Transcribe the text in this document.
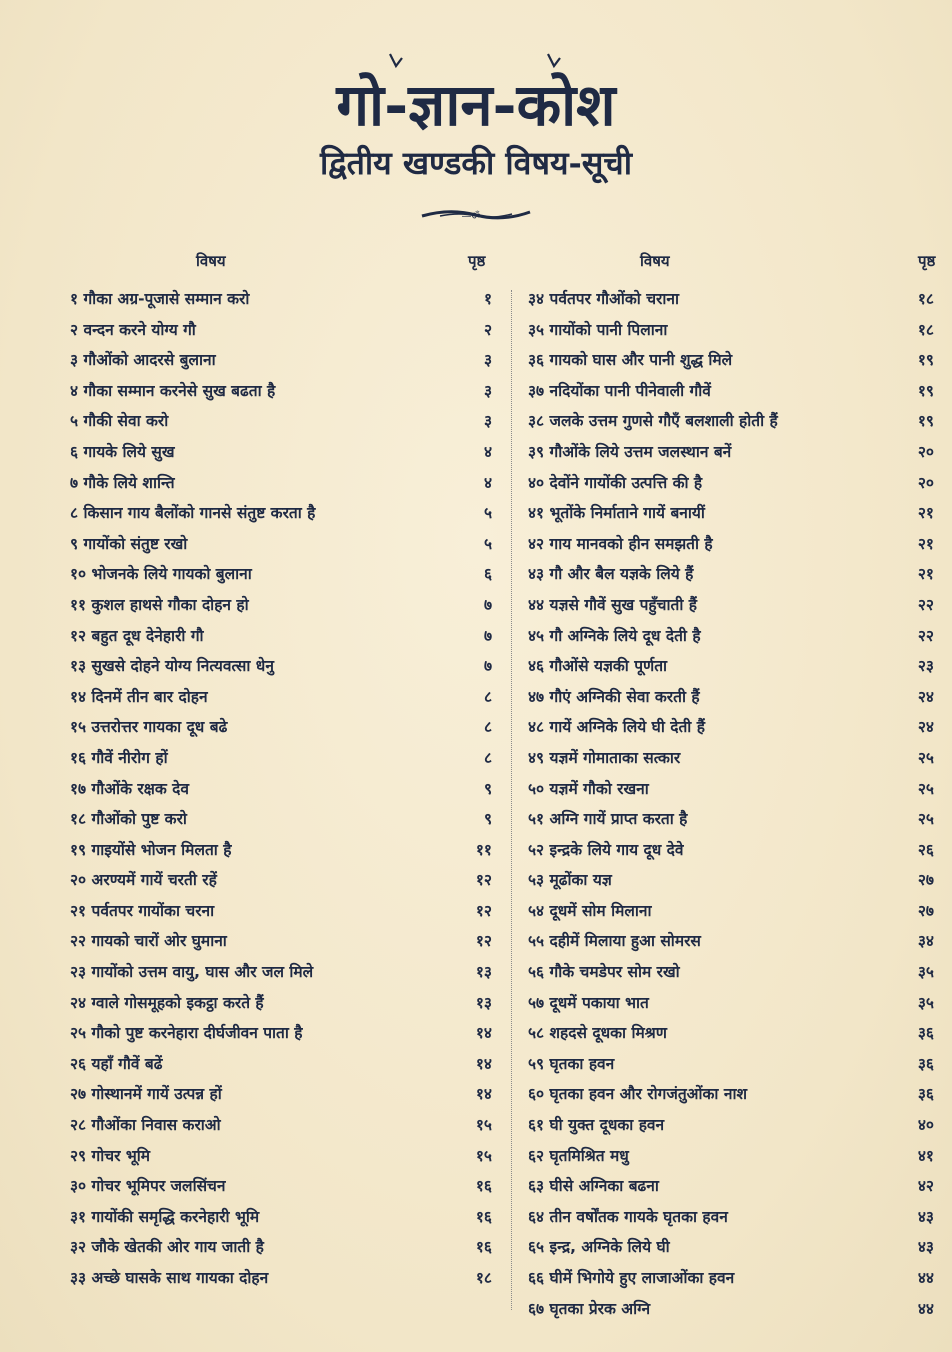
गो-ज्ञान-कोश
द्वितीय खण्डकी विषय-सूची
—ॐ—
विषय	पृष्ठ	विषय	पृष्ठ
१ गौका अग्र-पूजासे सम्मान करो	१
२ वन्दन करने योग्य गौ	२
३ गौओंको आदरसे बुलाना	३
४ गौका सम्मान करनेसे सुख बढता है	३
५ गौकी सेवा करो	३
६ गायके लिये सुख	४
७ गौके लिये शान्ति	४
८ किसान गाय बैलोंको गानसे संतुष्ट करता है	५
९ गायोंको संतुष्ट रखो	५
१० भोजनके लिये गायको बुलाना	६
११ कुशल हाथसे गौका दोहन हो	७
१२ बहुत दूध देनेहारी गौ	७
१३ सुखसे दोहने योग्य नित्यवत्सा धेनु	७
१४ दिनमें तीन बार दोहन	८
१५ उत्तरोत्तर गायका दूध बढे	८
१६ गौवें नीरोग हों	८
१७ गौओंके रक्षक देव	९
१८ गौओंको पुष्ट करो	९
१९ गाइयोंसे भोजन मिलता है	११
२० अरण्यमें गायें चरती रहें	१२
२१ पर्वतपर गायोंका चरना	१२
२२ गायको चारों ओर घुमाना	१२
२३ गायोंको उत्तम वायु, घास और जल मिले	१३
२४ ग्वाले गोसमूहको इकट्ठा करते हैं	१३
२५ गौको पुष्ट करनेहारा दीर्घजीवन पाता है	१४
२६ यहाँ गौवें बढें	१४
२७ गोस्थानमें गायें उत्पन्न हों	१४
२८ गौओंका निवास कराओ	१५
२९ गोचर भूमि	१५
३० गोचर भूमिपर जलसिंचन	१६
३१ गायोंकी समृद्धि करनेहारी भूमि	१६
३२ जौके खेतकी ओर गाय जाती है	१६
३३ अच्छे घासके साथ गायका दोहन	१८
३४ पर्वतपर गौओंको चराना	१८
३५ गायोंको पानी पिलाना	१८
३६ गायको घास और पानी शुद्ध मिले	१९
३७ नदियोंका पानी पीनेवाली गौवें	१९
३८ जलके उत्तम गुणसे गौएँ बलशाली होती हैं	१९
३९ गौओंके लिये उत्तम जलस्थान बनें	२०
४० देवोंने गायोंकी उत्पत्ति की है	२०
४१ भूतोंके निर्माताने गायें बनायीं	२१
४२ गाय मानवको हीन समझती है	२१
४३ गौ और बैल यज्ञके लिये हैं	२१
४४ यज्ञसे गौवें सुख पहुँचाती हैं	२२
४५ गौ अग्निके लिये दूध देती है	२२
४६ गौओंसे यज्ञकी पूर्णता	२३
४७ गौएं अग्निकी सेवा करती हैं	२४
४८ गायें अग्निके लिये घी देती हैं	२४
४९ यज्ञमें गोमाताका सत्कार	२५
५० यज्ञमें गौको रखना	२५
५१ अग्नि गायें प्राप्त करता है	२५
५२ इन्द्रके लिये गाय दूध देवे	२६
५३ मूढोंका यज्ञ	२७
५४ दूधमें सोम मिलाना	२७
५५ दहीमें मिलाया हुआ सोमरस	३४
५६ गौके चमडेपर सोम रखो	३५
५७ दूधमें पकाया भात	३५
५८ शहदसे दूधका मिश्रण	३६
५९ घृतका हवन	३६
६० घृतका हवन और रोगजंतुओंका नाश	३६
६१ घी युक्त दूधका हवन	४०
६२ घृतमिश्रित मधु	४१
६३ घीसे अग्निका बढना	४२
६४ तीन वर्षोंतक गायके घृतका हवन	४३
६५ इन्द्र, अग्निके लिये घी	४३
६६ घीमें भिगोये हुए लाजाओंका हवन	४४
६७ घृतका प्रेरक अग्नि	४४
